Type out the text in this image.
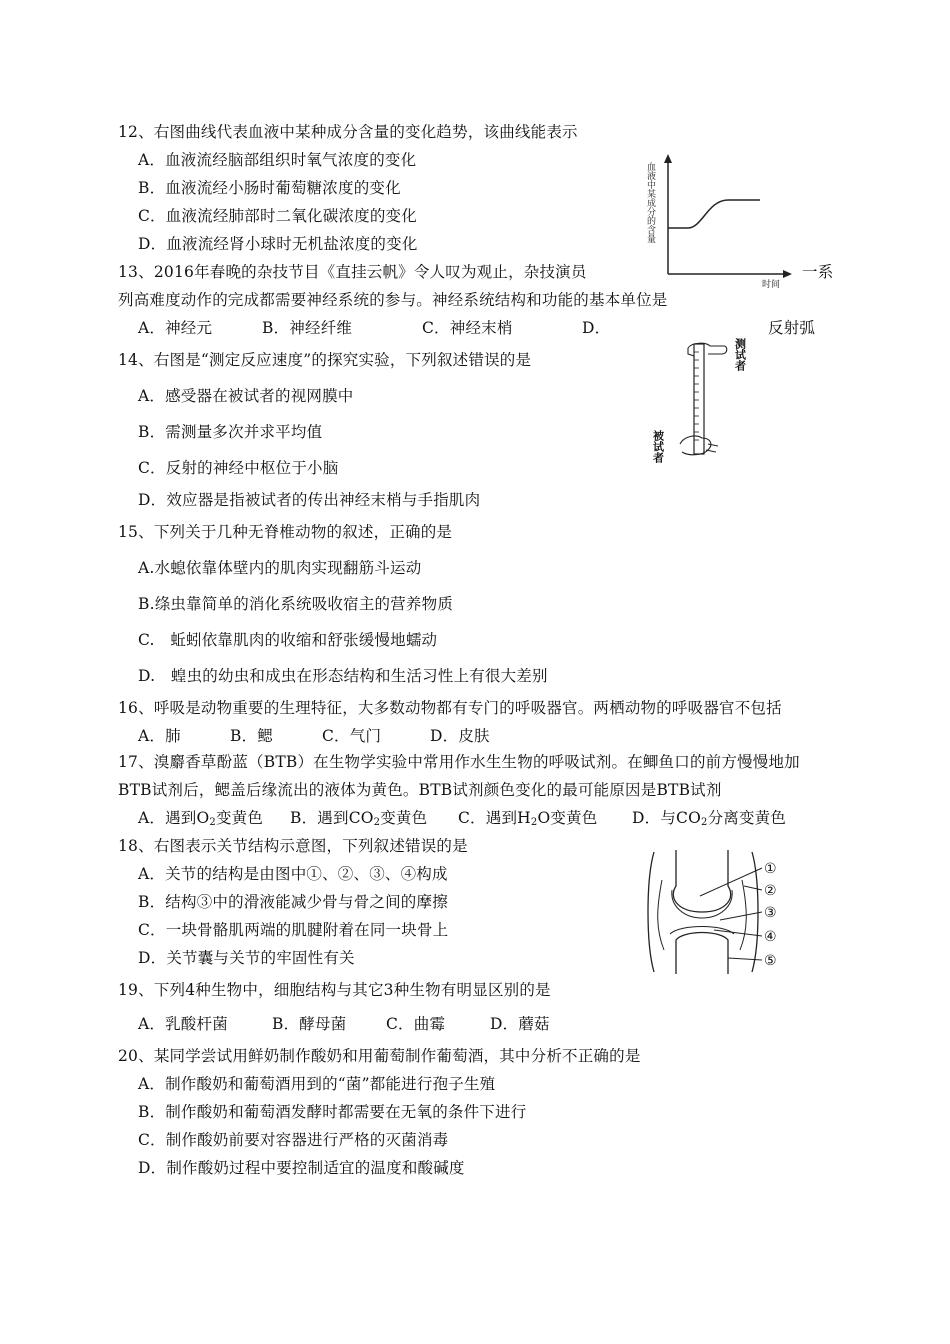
12、右图曲线代表血液中某种成分含量的变化趋势，该曲线能表示
A．血液流经脑部组织时氧气浓度的变化
B．血液流经小肠时葡萄糖浓度的变化
C．血液流经肺部时二氧化碳浓度的变化
D．血液流经肾小球时无机盐浓度的变化
血液中某成分的含量
时间
13、2016年春晚的杂技节目《直挂云帆》令人叹为观止，杂技演员	一系
列高难度动作的完成都需要神经系统的参与。神经系统结构和功能的基本单位是
A．神经元	B．神经纤维	C．神经末梢	D．	反射弧
14、右图是“测定反应速度”的探究实验，下列叙述错误的是
A．感受器在被试者的视网膜中
B．需测量多次并求平均值
C．反射的神经中枢位于小脑
D．效应器是指被试者的传出神经末梢与手指肌肉
测试者
被试者
15、下列关于几种无脊椎动物的叙述，正确的是
A.水螅依靠体壁内的肌肉实现翻筋斗运动
B.绦虫靠简单的消化系统吸收宿主的营养物质
C.　蚯蚓依靠肌肉的收缩和舒张缓慢地蠕动
D.　蝗虫的幼虫和成虫在形态结构和生活习性上有很大差别
16、呼吸是动物重要的生理特征，大多数动物都有专门的呼吸器官。两栖动物的呼吸器官不包括
A．肺	B．鳃	C．气门	D．皮肤
17、溴麝香草酚蓝（BTB）在生物学实验中常用作水生生物的呼吸试剂。在鲫鱼口的前方慢慢地加
BTB试剂后，鳃盖后缘流出的液体为黄色。BTB试剂颜色变化的最可能原因是BTB试剂
A．遇到$O_2$变黄色 B．遇到$CO_2$变黄色 C．遇到$H_2O$变黄色 D．与$CO_2$分离变黄色
18、右图表示关节结构示意图，下列叙述错误的是
A．关节的结构是由图中①、②、③、④构成
B．结构③中的滑液能减少骨与骨之间的摩擦
C．一块骨骼肌两端的肌腱附着在同一块骨上
D．关节囊与关节的牢固性有关
①
②
③
④
⑤
19、下列4种生物中，细胞结构与其它3种生物有明显区别的是
A．乳酸杆菌	B．酵母菌	C．曲霉	D．蘑菇
20、某同学尝试用鲜奶制作酸奶和用葡萄制作葡萄酒，其中分析不正确的是
A．制作酸奶和葡萄酒用到的“菌”都能进行孢子生殖
B．制作酸奶和葡萄酒发酵时都需要在无氧的条件下进行
C．制作酸奶前要对容器进行严格的灭菌消毒
D．制作酸奶过程中要控制适宜的温度和酸碱度
